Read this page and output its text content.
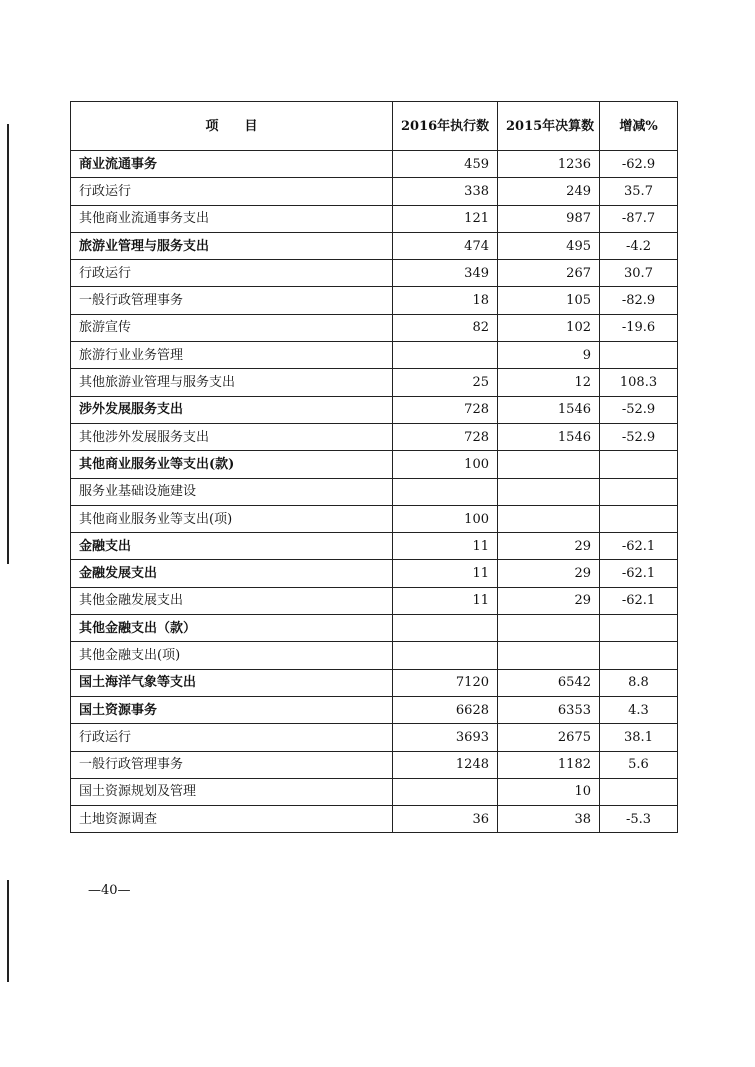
项　　目	2016年执行数	2015年决算数	增减%
商业流通事务	459	1236	-62.9
行政运行	338	249	35.7
其他商业流通事务支出	121	987	-87.7
旅游业管理与服务支出	474	495	-4.2
行政运行	349	267	30.7
一般行政管理事务	18	105	-82.9
旅游宣传	82	102	-19.6
旅游行业业务管理		9	
其他旅游业管理与服务支出	25	12	108.3
涉外发展服务支出	728	1546	-52.9
其他涉外发展服务支出	728	1546	-52.9
其他商业服务业等支出(款)	100		
服务业基础设施建设			
其他商业服务业等支出(项)	100		
金融支出	11	29	-62.1
金融发展支出	11	29	-62.1
其他金融发展支出	11	29	-62.1
其他金融支出（款）			
其他金融支出(项)			
国土海洋气象等支出	7120	6542	8.8
国土资源事务	6628	6353	4.3
行政运行	3693	2675	38.1
一般行政管理事务	1248	1182	5.6
国土资源规划及管理		10	
土地资源调查	36	38	-5.3
—40—
